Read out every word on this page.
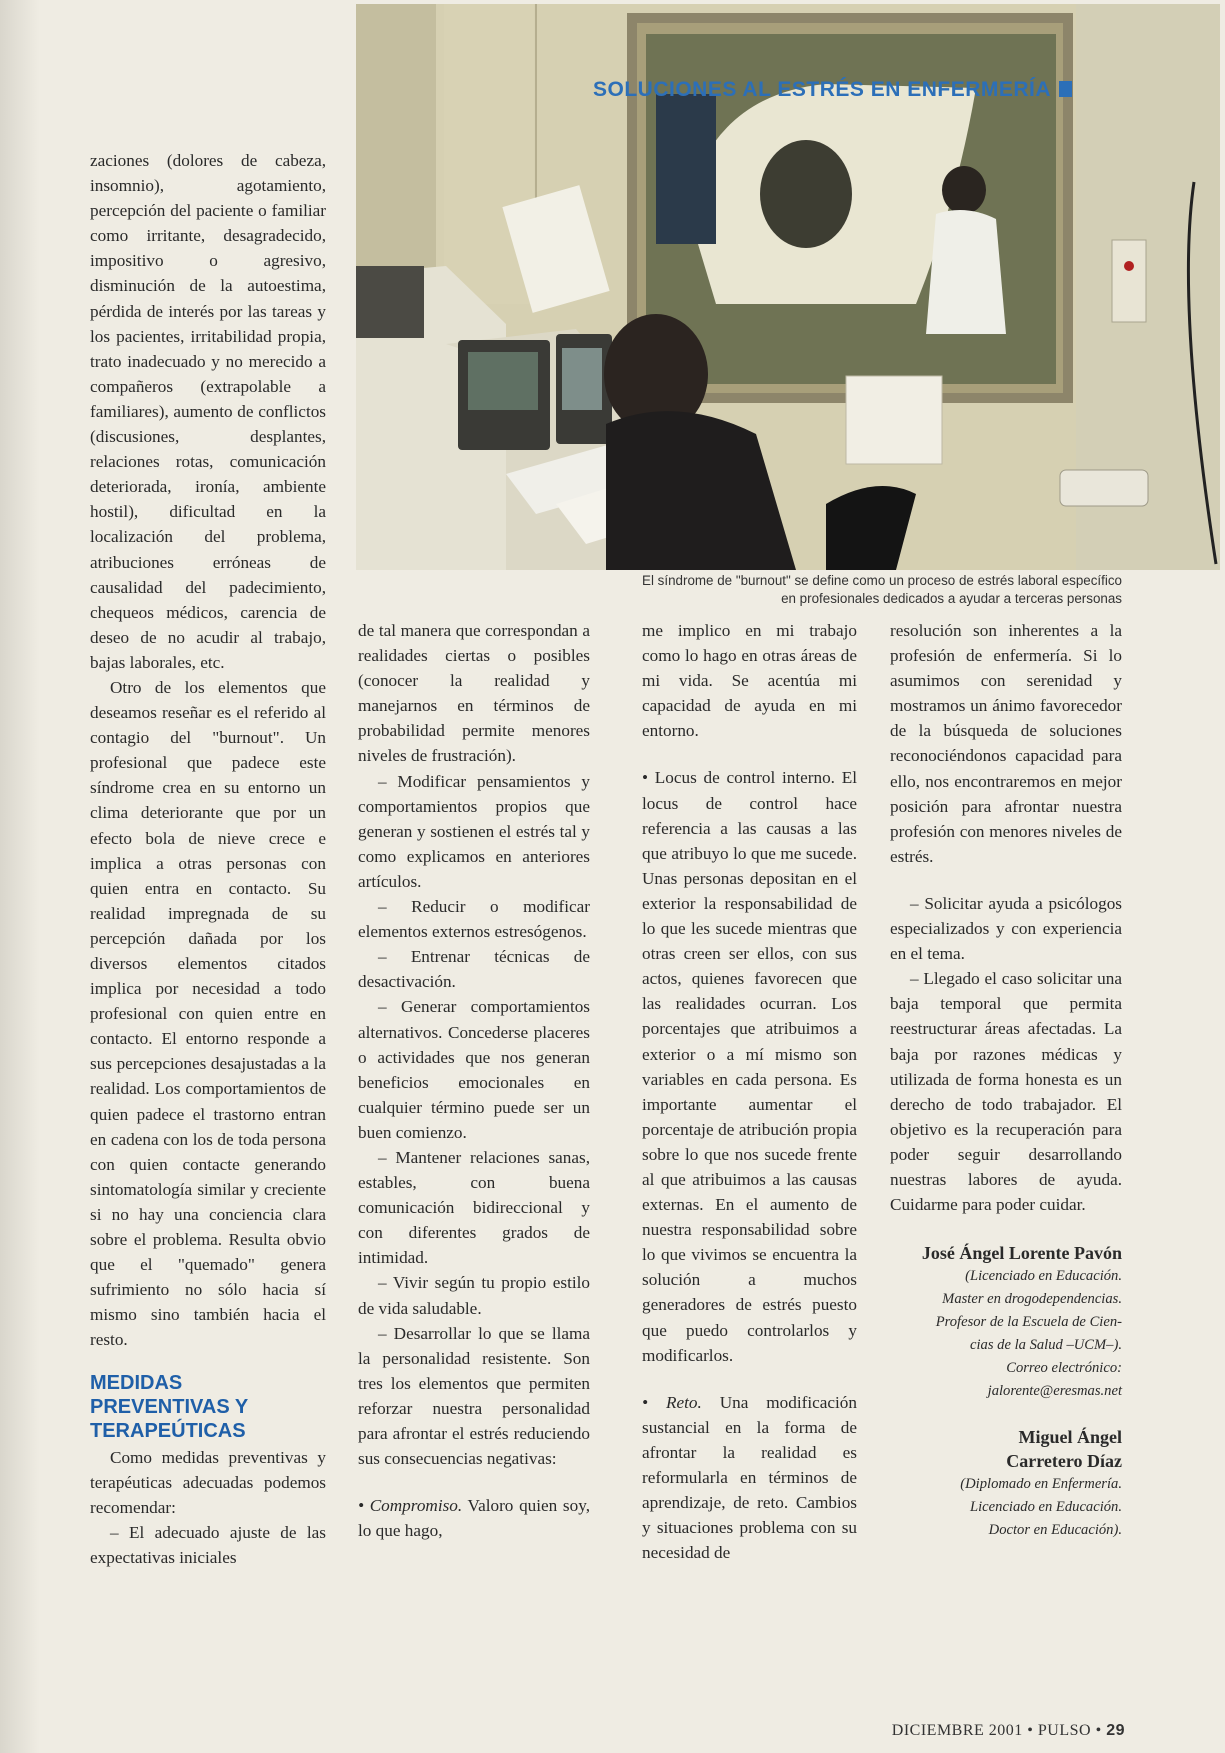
SOLUCIONES AL ESTRÉS EN ENFERMERÍA
El síndrome de "burnout" se define como un proceso de estrés laboral específico
en profesionales dedicados a ayudar a terceras personas

zaciones (dolores de cabeza, insomnio), agotamiento, percepción del paciente o familiar como irritante, desagradecido, impositivo o agresivo, disminución de la autoestima, pérdida de interés por las tareas y los pacientes, irritabilidad propia, trato inadecuado y no merecido a compañeros (extrapolable a familiares), aumento de conflictos (discusiones, desplantes, relaciones rotas, comunicación deteriorada, ironía, ambiente hostil), dificultad en la localización del problema, atribuciones erróneas de causalidad del padecimiento, chequeos médicos, carencia de deseo de no acudir al trabajo, bajas laborales, etc.

Otro de los elementos que deseamos reseñar es el referido al contagio del "burnout". Un profesional que padece este síndrome crea en su entorno un clima deteriorante que por un efecto bola de nieve crece e implica a otras personas con quien entra en contacto. Su realidad impregnada de su percepción dañada por los diversos elementos citados implica por necesidad a todo profesional con quien entre en contacto. El entorno responde a sus percepciones desajustadas a la realidad. Los comportamientos de quien padece el trastorno entran en cadena con los de toda persona con quien contacte generando sintomatología similar y creciente si no hay una conciencia clara sobre el problema. Resulta obvio que el "quemado" genera sufrimiento no sólo hacia sí mismo sino también hacia el resto.

MEDIDAS PREVENTIVAS Y TERAPEÚTICAS

Como medidas preventivas y terapéuticas adecuadas podemos recomendar:

– El adecuado ajuste de las expectativas iniciales

de tal manera que correspondan a realidades ciertas o posibles (conocer la realidad y manejarnos en términos de probabilidad permite menores niveles de frustración).

– Modificar pensamientos y comportamientos propios que generan y sostienen el estrés tal y como explicamos en anteriores artículos.

– Reducir o modificar elementos externos estresógenos.

– Entrenar técnicas de desactivación.

– Generar comportamientos alternativos. Concederse placeres o actividades que nos generan beneficios emocionales en cualquier término puede ser un buen comienzo.

– Mantener relaciones sanas, estables, con buena comunicación bidireccional y con diferentes grados de intimidad.

– Vivir según tu propio estilo de vida saludable.

– Desarrollar lo que se llama la personalidad resistente. Son tres los elementos que permiten reforzar nuestra personalidad para afrontar el estrés reduciendo sus consecuencias negativas:

• Compromiso. Valoro quien soy, lo que hago,

me implico en mi trabajo como lo hago en otras áreas de mi vida. Se acentúa mi capacidad de ayuda en mi entorno.

• Locus de control interno. El locus de control hace referencia a las causas a las que atribuyo lo que me sucede. Unas personas depositan en el exterior la responsabilidad de lo que les sucede mientras que otras creen ser ellos, con sus actos, quienes favorecen que las realidades ocurran. Los porcentajes que atribuimos a exterior o a mí mismo son variables en cada persona. Es importante aumentar el porcentaje de atribución propia sobre lo que nos sucede frente al que atribuimos a las causas externas. En el aumento de nuestra responsabilidad sobre lo que vivimos se encuentra la solución a muchos generadores de estrés puesto que puedo controlarlos y modificarlos.

• Reto. Una modificación sustancial en la forma de afrontar la realidad es reformularla en términos de aprendizaje, de reto. Cambios y situaciones problema con su necesidad de

resolución son inherentes a la profesión de enfermería. Si lo asumimos con serenidad y mostramos un ánimo favorecedor de la búsqueda de soluciones reconociéndonos capacidad para ello, nos encontraremos en mejor posición para afrontar nuestra profesión con menores niveles de estrés.

– Solicitar ayuda a psicólogos especializados y con experiencia en el tema.

– Llegado el caso solicitar una baja temporal que permita reestructurar áreas afectadas. La baja por razones médicas y utilizada de forma honesta es un derecho de todo trabajador. El objetivo es la recuperación para poder seguir desarrollando nuestras labores de ayuda. Cuidarme para poder cuidar.

José Ángel Lorente Pavón
(Licenciado en Educación.
Master en drogodependencias.
Profesor de la Escuela de Cien-
cias de la Salud –UCM–).
Correo electrónico:
jalorente@eresmas.net
Miguel Ángel
Carretero Díaz
(Diplomado en Enfermería.
Licenciado en Educación.
Doctor en Educación).
DICIEMBRE 2001 • PULSO • 29
